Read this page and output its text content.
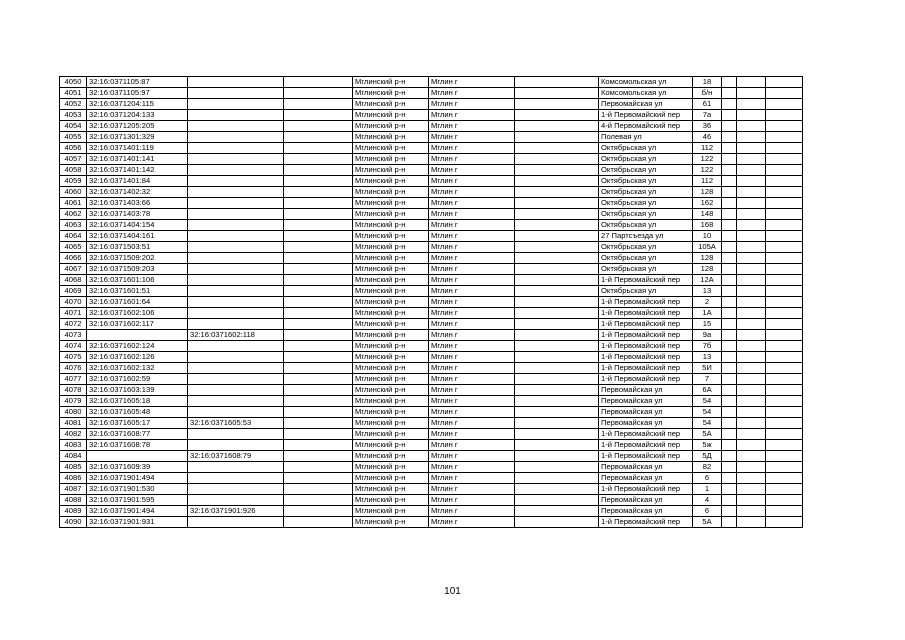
4050	32:16:0371105:87			Мглинский р-н	Мглин г		Комсомольская ул	18			
4051	32:16:0371105:97			Мглинский р-н	Мглин г		Комсомольская ул	б/н			
4052	32:16:0371204:115			Мглинский р-н	Мглин г		Первомайская ул	61			
4053	32:16:0371204:133			Мглинский р-н	Мглин г		1-й Первомайский пер	7а			
4054	32:16:0371205:205			Мглинский р-н	Мглин г		4-й Первомайский пер	36			
4055	32:16:0371301:329			Мглинский р-н	Мглин г		Полевая ул	46			
4056	32:16:0371401:119			Мглинский р-н	Мглин г		Октябрьская ул	112			
4057	32:16:0371401:141			Мглинский р-н	Мглин г		Октябрьская ул	122			
4058	32:16:0371401:142			Мглинский р-н	Мглин г		Октябрьская ул	122			
4059	32:16:0371401:84			Мглинский р-н	Мглин г		Октябрьская ул	112			
4060	32:16:0371402:32			Мглинский р-н	Мглин г		Октябрьская ул	128			
4061	32:16:0371403:66			Мглинский р-н	Мглин г		Октябрьская ул	162			
4062	32:16:0371403:78			Мглинский р-н	Мглин г		Октябрьская ул	148			
4063	32:16:0371404:154			Мглинский р-н	Мглин г		Октябрьская ул	168			
4064	32:16:0371404:161			Мглинский р-н	Мглин г		27 Партсъезда ул	10			
4065	32:16:0371503:51			Мглинский р-н	Мглин г		Октябрьская ул	105А			
4066	32:16:0371509:202			Мглинский р-н	Мглин г		Октябрьская ул	128			
4067	32:16:0371509:203			Мглинский р-н	Мглин г		Октябрьская ул	128			
4068	32:16:0371601:106			Мглинский р-н	Мглин г		1-й Первомайский пер	12А			
4069	32:16:0371601:51			Мглинский р-н	Мглин г		Октябрьская ул	13			
4070	32:16:0371601:64			Мглинский р-н	Мглин г		1-й Первомайский пер	2			
4071	32:16:0371602:106			Мглинский р-н	Мглин г		1-й Первомайский пер	1А			
4072	32:16:0371602:117			Мглинский р-н	Мглин г		1-й Первомайский пер	15			
4073		32:16:0371602:118		Мглинский р-н	Мглин г		1-й Первомайский пер	9а			
4074	32:16:0371602:124			Мглинский р-н	Мглин г		1-й Первомайский пер	7б			
4075	32:16:0371602:126			Мглинский р-н	Мглин г		1-й Первомайский пер	13			
4076	32:16:0371602:132			Мглинский р-н	Мглин г		1-й Первомайский пер	5И			
4077	32:16:0371602:59			Мглинский р-н	Мглин г		1-й Первомайский пер	7			
4078	32:16:0371603:139			Мглинский р-н	Мглин г		Первомайская ул	6А			
4079	32:16:0371605:18			Мглинский р-н	Мглин г		Первомайская ул	54			
4080	32:16:0371605:48			Мглинский р-н	Мглин г		Первомайская ул	54			
4081	32:16:0371605:17	32:16:0371605:53		Мглинский р-н	Мглин г		Первомайская ул	54			
4082	32:16:0371608:77			Мглинский р-н	Мглин г		1-й Первомайский пер	5А			
4083	32:16:0371608:78			Мглинский р-н	Мглин г		1-й Первомайский пер	5ж			
4084		32:16:0371608:79		Мглинский р-н	Мглин г		1-й Первомайский пер	5Д			
4085	32:16:0371609:39			Мглинский р-н	Мглин г		Первомайская ул	82			
4086	32:16:0371901:494			Мглинский р-н	Мглин г		Первомайская ул	6			
4087	32:16:0371901:530			Мглинский р-н	Мглин г		1-й Первомайский пер	1			
4088	32:16:0371901:595			Мглинский р-н	Мглин г		Первомайская ул	4			
4089	32:16:0371901:494	32:16:0371901:926		Мглинский р-н	Мглин г		Первомайская ул	6			
4090	32:16:0371901:931			Мглинский р-н	Мглин г		1-й Первомайский пер	5А			
101
